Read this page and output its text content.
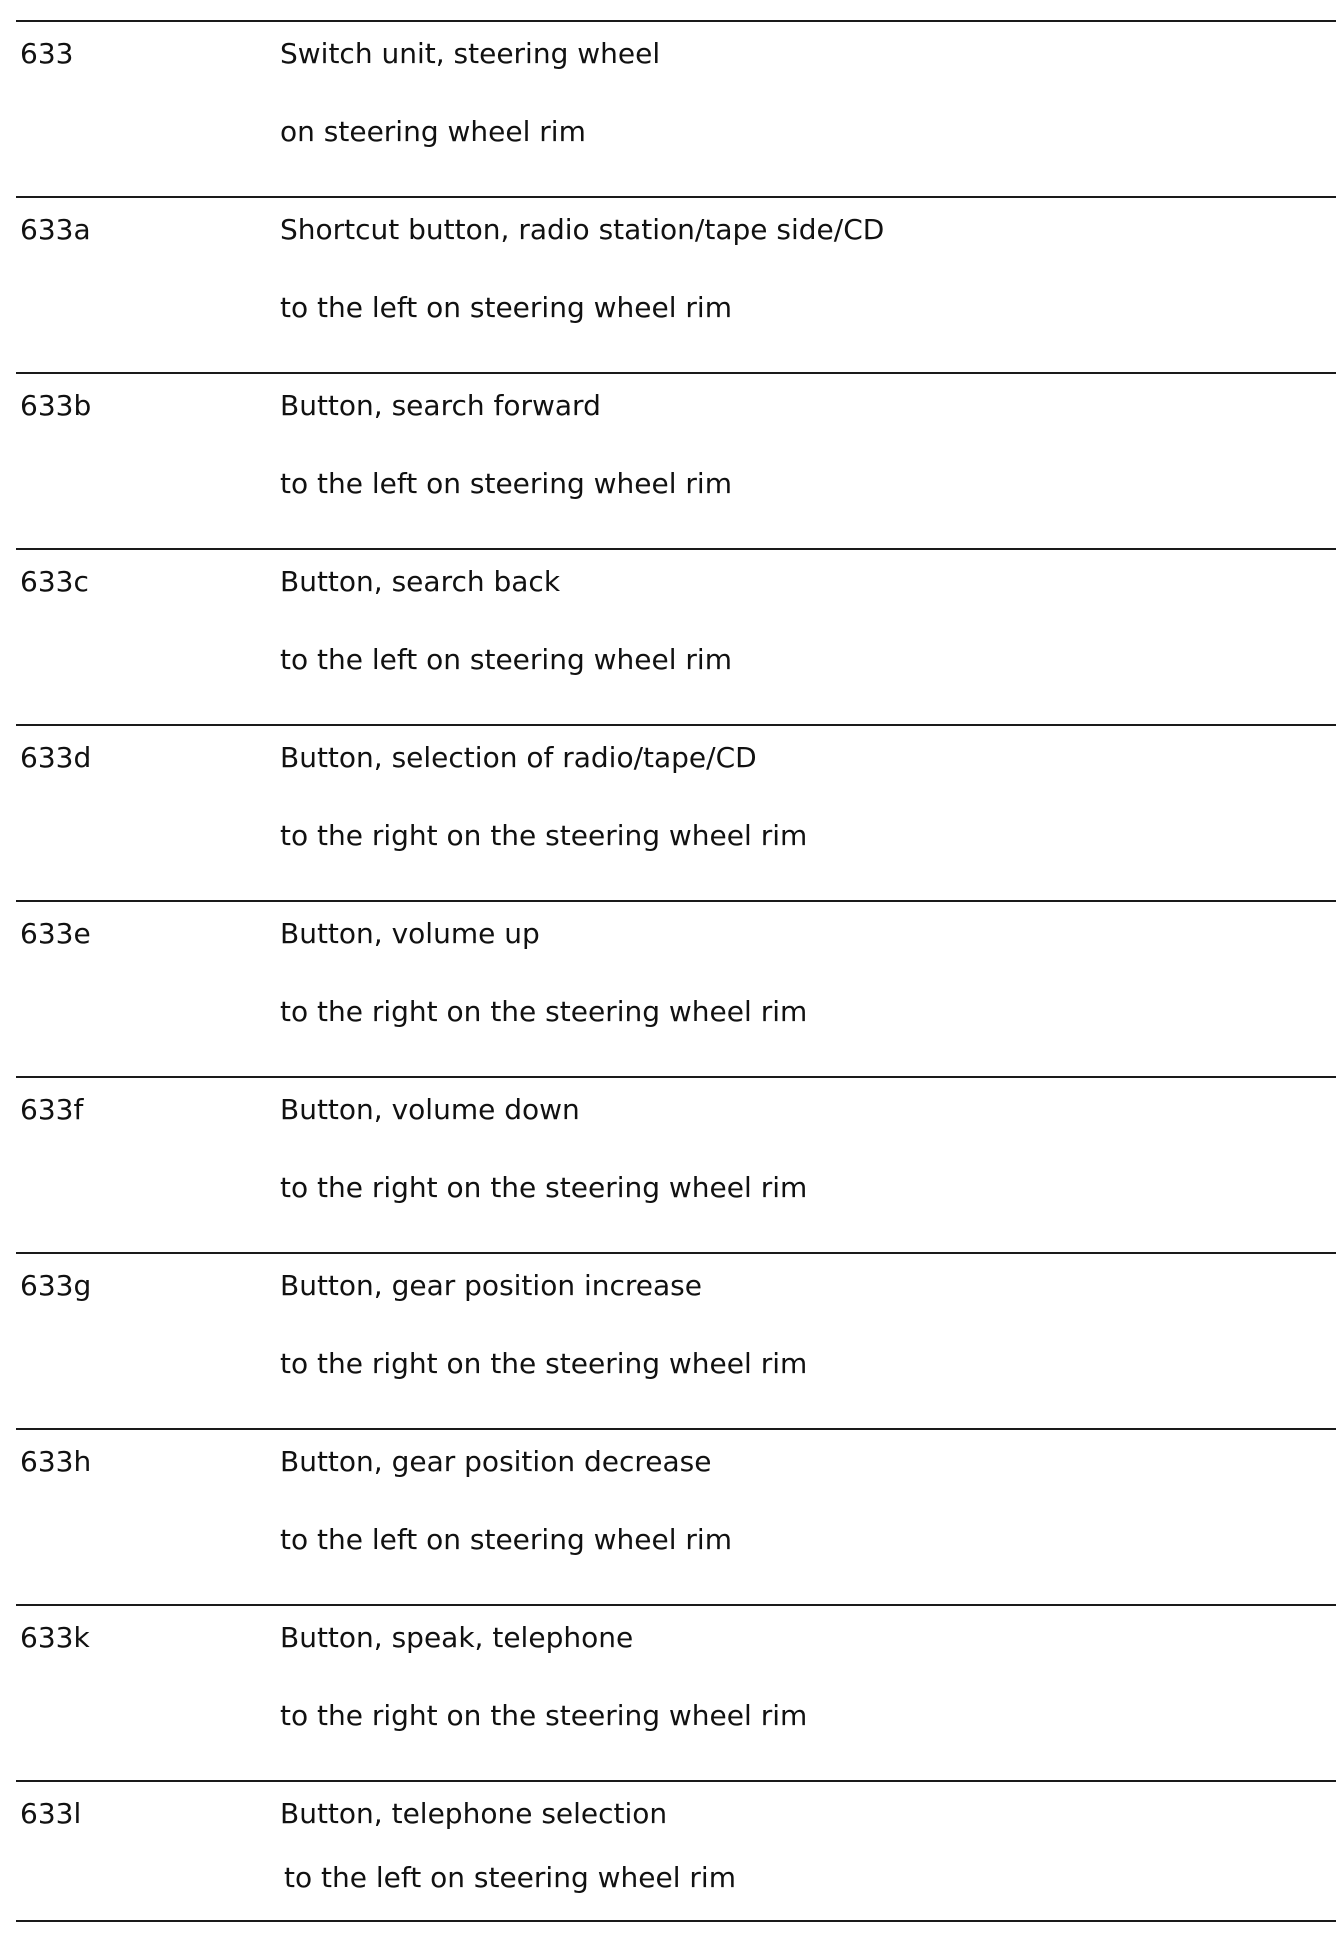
633	Switch unit, steering wheel
on steering wheel rim
633a	Shortcut button, radio station/tape side/CD
to the left on steering wheel rim
633b	Button, search forward
to the left on steering wheel rim
633c	Button, search back
to the left on steering wheel rim
633d	Button, selection of radio/tape/CD
to the right on the steering wheel rim
633e	Button, volume up
to the right on the steering wheel rim
633f	Button, volume down
to the right on the steering wheel rim
633g	Button, gear position increase
to the right on the steering wheel rim
633h	Button, gear position decrease
to the left on steering wheel rim
633k	Button, speak, telephone
to the right on the steering wheel rim
633l	Button, telephone selection
to the left on steering wheel rim
